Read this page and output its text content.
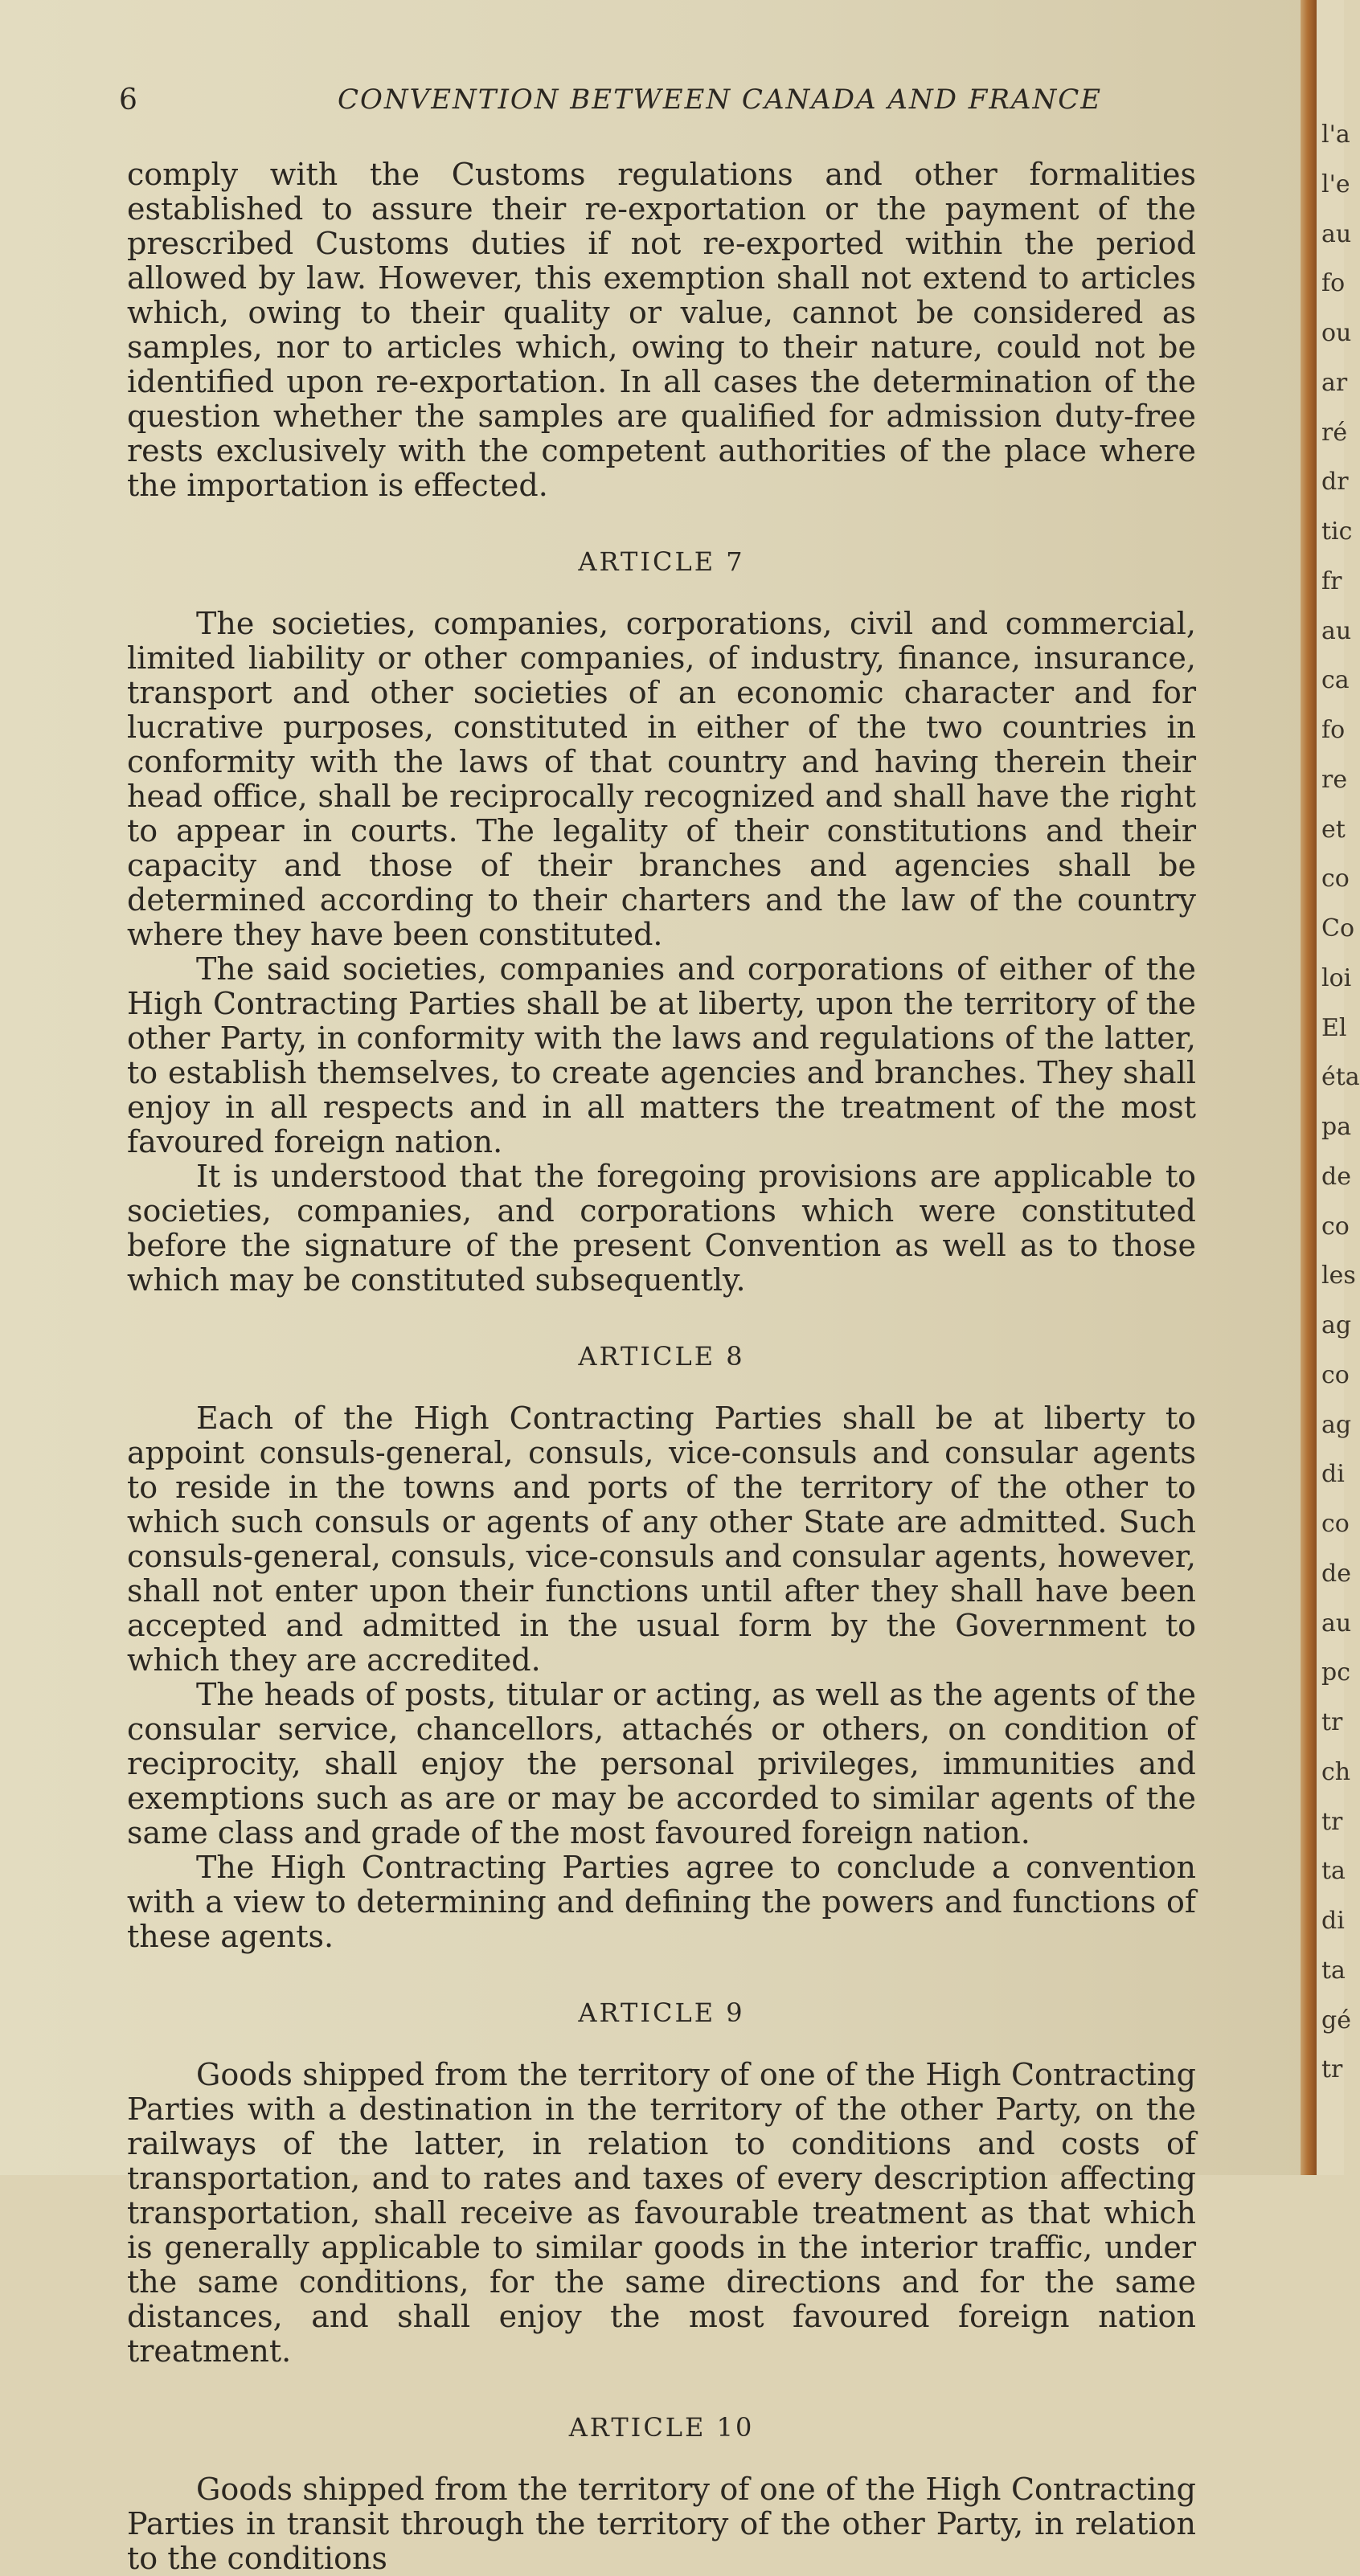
l'a
l'e
au
fo
ou
ar
ré
dr
tic
fr
au
ca
fo
re
et
co
Co
loi
El
éta
pa
de
co
les
ag
co
ag
di
co
de
au
pc
tr
ch
tr
ta
di
ta
gé
tr
6	CONVENTION BETWEEN CANADA AND FRANCE

comply with the Customs regulations and other formalities established to assure their re-exportation or the payment of the prescribed Customs duties if not re-exported within the period allowed by law. However, this exemption shall not extend to articles which, owing to their quality or value, cannot be considered as samples, nor to articles which, owing to their nature, could not be identified upon re-exportation. In all cases the determination of the question whether the samples are qualified for admission duty-free rests exclusively with the competent authorities of the place where the importation is effected.

ARTICLE 7

The societies, companies, corporations, civil and commercial, limited liability or other companies, of industry, finance, insurance, transport and other societies of an economic character and for lucrative purposes, constituted in either of the two countries in conformity with the laws of that country and having therein their head office, shall be reciprocally recognized and shall have the right to appear in courts. The legality of their constitutions and their capacity and those of their branches and agencies shall be determined according to their charters and the law of the country where they have been constituted.

The said societies, companies and corporations of either of the High Contracting Parties shall be at liberty, upon the territory of the other Party, in conformity with the laws and regulations of the latter, to establish themselves, to create agencies and branches. They shall enjoy in all respects and in all matters the treatment of the most favoured foreign nation.

It is understood that the foregoing provisions are applicable to societies, companies, and corporations which were constituted before the signature of the present Convention as well as to those which may be constituted subsequently.

ARTICLE 8

Each of the High Contracting Parties shall be at liberty to appoint consuls-general, consuls, vice-consuls and consular agents to reside in the towns and ports of the territory of the other to which such consuls or agents of any other State are admitted. Such consuls-general, consuls, vice-consuls and consular agents, however, shall not enter upon their functions until after they shall have been accepted and admitted in the usual form by the Government to which they are accredited.

The heads of posts, titular or acting, as well as the agents of the consular service, chancellors, attachés or others, on condition of reciprocity, shall enjoy the personal privileges, immunities and exemptions such as are or may be accorded to similar agents of the same class and grade of the most favoured foreign nation.

The High Contracting Parties agree to conclude a convention with a view to determining and defining the powers and functions of these agents.

ARTICLE 9

Goods shipped from the territory of one of the High Contracting Parties with a destination in the territory of the other Party, on the railways of the latter, in relation to conditions and costs of transportation, and to rates and taxes of every description affecting transportation, shall receive as favourable treatment as that which is generally applicable to similar goods in the interior traffic, under the same conditions, for the same directions and for the same distances, and shall enjoy the most favoured foreign nation treatment.

ARTICLE 10

Goods shipped from the territory of one of the High Contracting Parties in transit through the territory of the other Party, in relation to the conditions
